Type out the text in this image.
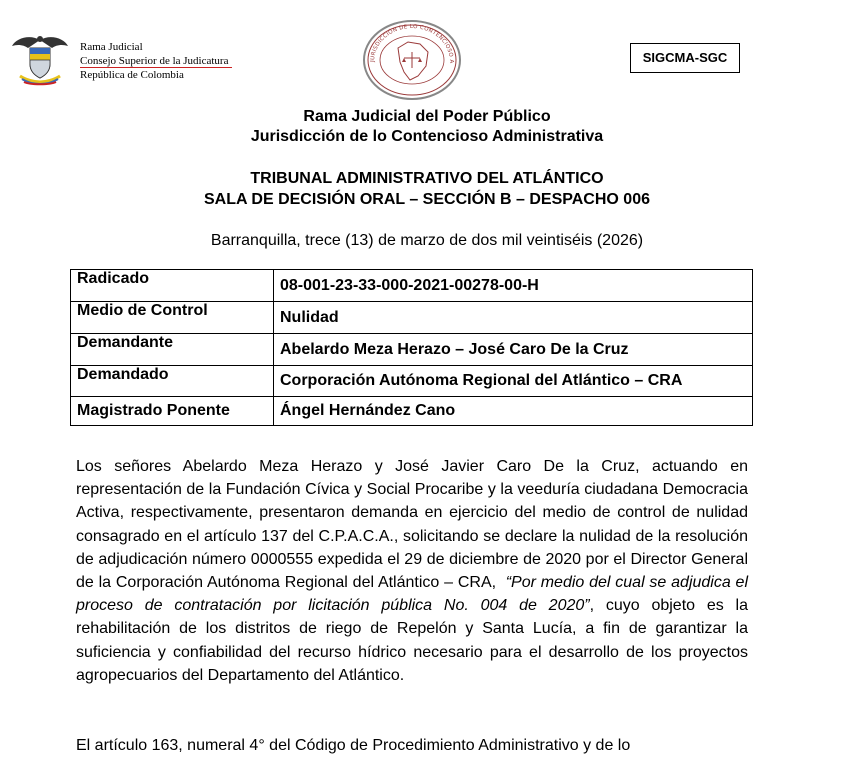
Rama Judicial
Consejo Superior de la Judicatura
República de Colombia
JURISDICCIÓN DE LO CONTENCIOSO A	SIGCMA-SGC
Rama Judicial del Poder Público
Jurisdicción de lo Contencioso Administrativa
TRIBUNAL ADMINISTRATIVO DEL ATLÁNTICO
SALA DE DECISIÓN ORAL – SECCIÓN B – DESPACHO 006
Barranquilla, trece (13) de marzo de dos mil veintiséis (2026)
Radicado	08-001-23-33-000-2021-00278-00-H
Medio de Control	Nulidad
Demandante	Abelardo Meza Herazo – José Caro De la Cruz
Demandado	Corporación Autónoma Regional del Atlántico – CRA
Magistrado Ponente	Ángel Hernández Cano
Los señores Abelardo Meza Herazo y José Javier Caro De la Cruz, actuando en representación de la Fundación Cívica y Social Procaribe y la veeduría ciudadana Democracia Activa, respectivamente, presentaron demanda en ejercicio del medio de control de nulidad consagrado en el artículo 137 del C.P.A.C.A., solicitando se declare la nulidad de la resolución de adjudicación número 0000555 expedida el 29 de diciembre de 2020 por el Director General de la Corporación Autónoma Regional del Atlántico – CRA, “Por medio del cual se adjudica el proceso de contratación por licitación pública No. 004 de 2020”, cuyo objeto es la rehabilitación de los distritos de riego de Repelón y Santa Lucía, a fin de garantizar la suficiencia y confiabilidad del recurso hídrico necesario para el desarrollo de los proyectos agropecuarios del Departamento del Atlántico.
El artículo 163, numeral 4° del Código de Procedimiento Administrativo y de lo
